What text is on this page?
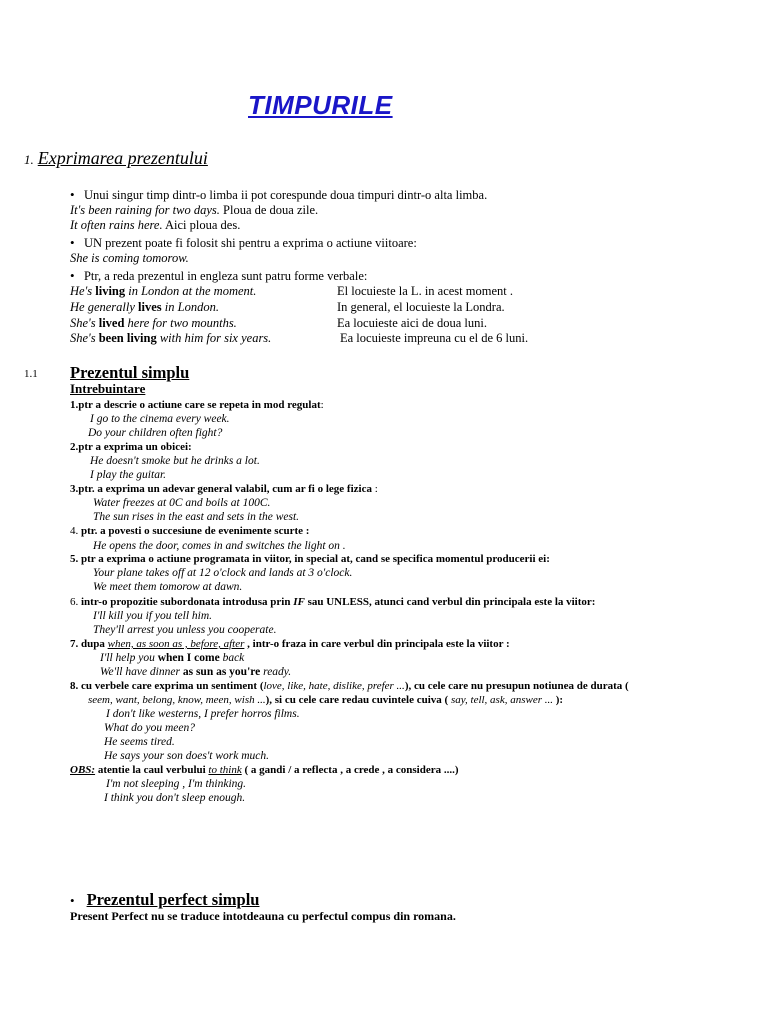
TIMPURILE
1. Exprimarea prezentului
• Unui singur timp dintr-o limba ii pot corespunde doua timpuri dintr-o alta limba.
It's been raining for two days. Ploua de doua zile.
It often rains here. Aici ploua des.
• UN prezent poate fi folosit shi pentru a exprima o actiune viitoare:
She is coming tomorow.
• Ptr, a reda prezentul in engleza sunt patru forme verbale:
He's living in London at the moment.	El locuieste la L. in acest moment .
He generally lives in London.	In general, el locuieste la Londra.
She's lived here for two mounths.	Ea locuieste aici de doua luni.
She's been living with him for six years.	Ea locuieste impreuna cu el de 6 luni.
1.1 Prezentul simplu
Intrebuintare
1.ptr a descrie o actiune care se repeta in mod regulat:
I go to the cinema every week.
Do your children often fight?
2.ptr a exprima un obicei:
He doesn't smoke but he drinks a lot.
I play the guitar.
3.ptr. a exprima un adevar general valabil, cum ar fi o lege fizica :
Water freezes at 0C and boils at 100C.
The sun rises in the east and sets in the west.
4. ptr. a povesti o succesiune de evenimente scurte :
He opens the door, comes in and switches the light on .
5. ptr a exprima o actiune programata in viitor, in special at, cand se specifica momentul producerii ei:
Your plane takes off at 12 o'clock and lands at 3 o'clock.
We meet them tomorow at dawn.
6. intr-o propozitie subordonata introdusa prin IF sau UNLESS, atunci cand verbul din principala este la viitor:
I'll kill you if you tell him.
They'll arrest you unless you cooperate.
7. dupa when, as soon as , before, after , intr-o fraza in care verbul din principala este la viitor :
I'll help you when I come back
We'll have dinner as sun as you're ready.
8. cu verbele care exprima un sentiment (love, like, hate, dislike, prefer ...), cu cele care nu presupun notiunea de durata (
seem, want, belong, know, meen, wish ...), si cu cele care redau cuvintele cuiva ( say, tell, ask, answer ... ):
I don't like westerns, I prefer horros films.
What do you meen?
He seems tired.
He says your son does't work much.
OBS: atentie la caul verbului to think ( a gandi / a reflecta , a crede , a considera ....)
I'm not sleeping , I'm thinking.
I think you don't sleep enough.
• Prezentul perfect simplu
Present Perfect nu se traduce intotdeauna cu perfectul compus din romana.
